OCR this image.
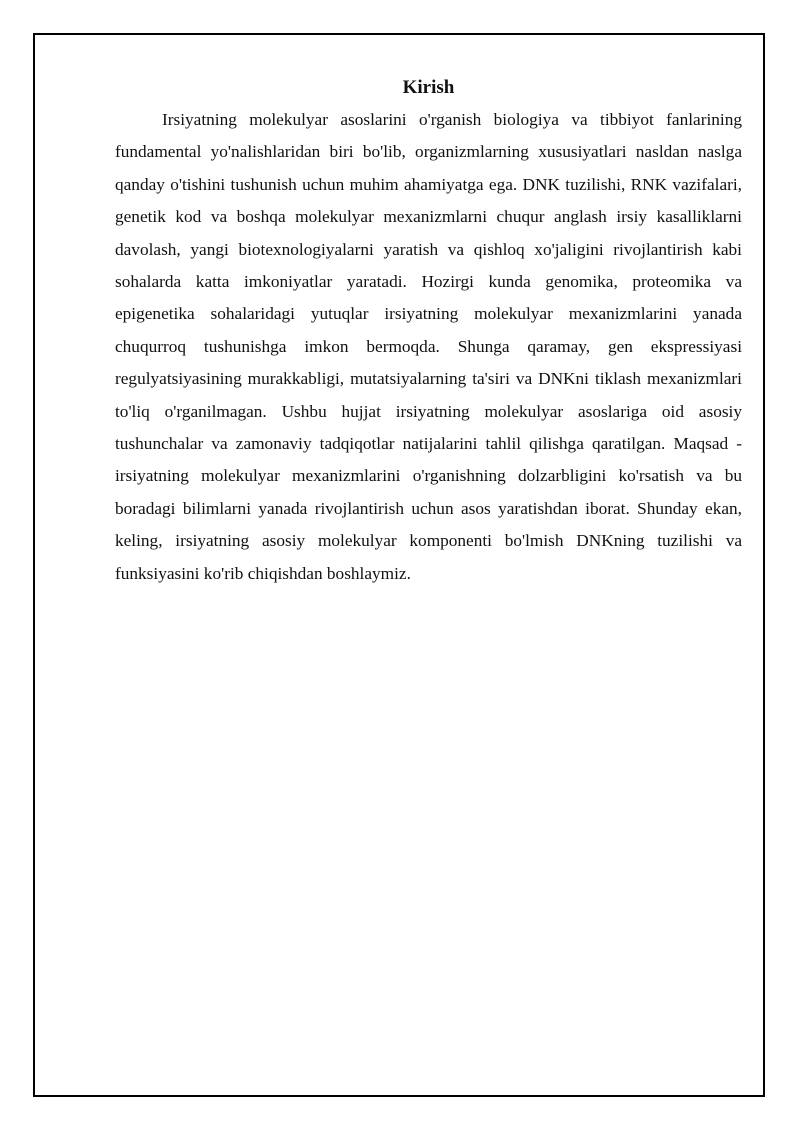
Kirish

Irsiyatning molekulyar asoslarini o'rganish biologiya va tibbiyot fanlarining fundamental yo'nalishlaridan biri bo'lib, organizmlarning xususiyatlari nasldan naslga qanday o'tishini tushunish uchun muhim ahamiyatga ega. DNK tuzilishi, RNK vazifalari, genetik kod va boshqa molekulyar mexanizmlarni chuqur anglash irsiy kasalliklarni davolash, yangi biotexnologiyalarni yaratish va qishloq xo'jaligini rivojlantirish kabi sohalarda katta imkoniyatlar yaratadi. Hozirgi kunda genomika, proteomika va epigenetika sohalaridagi yutuqlar irsiyatning molekulyar mexanizmlarini yanada chuqurroq tushunishga imkon bermoqda. Shunga qaramay, gen ekspressiyasi regulyatsiyasining murakkabligi, mutatsiyalarning ta'siri va DNKni tiklash mexanizmlari to'liq o'rganilmagan. Ushbu hujjat irsiyatning molekulyar asoslariga oid asosiy tushunchalar va zamonaviy tadqiqotlar natijalarini tahlil qilishga qaratilgan. Maqsad - irsiyatning molekulyar mexanizmlarini o'rganishning dolzarbligini ko'rsatish va bu boradagi bilimlarni yanada rivojlantirish uchun asos yaratishdan iborat. Shunday ekan, keling, irsiyatning asosiy molekulyar komponenti bo'lmish DNKning tuzilishi va funksiyasini ko'rib chiqishdan boshlaymiz.
